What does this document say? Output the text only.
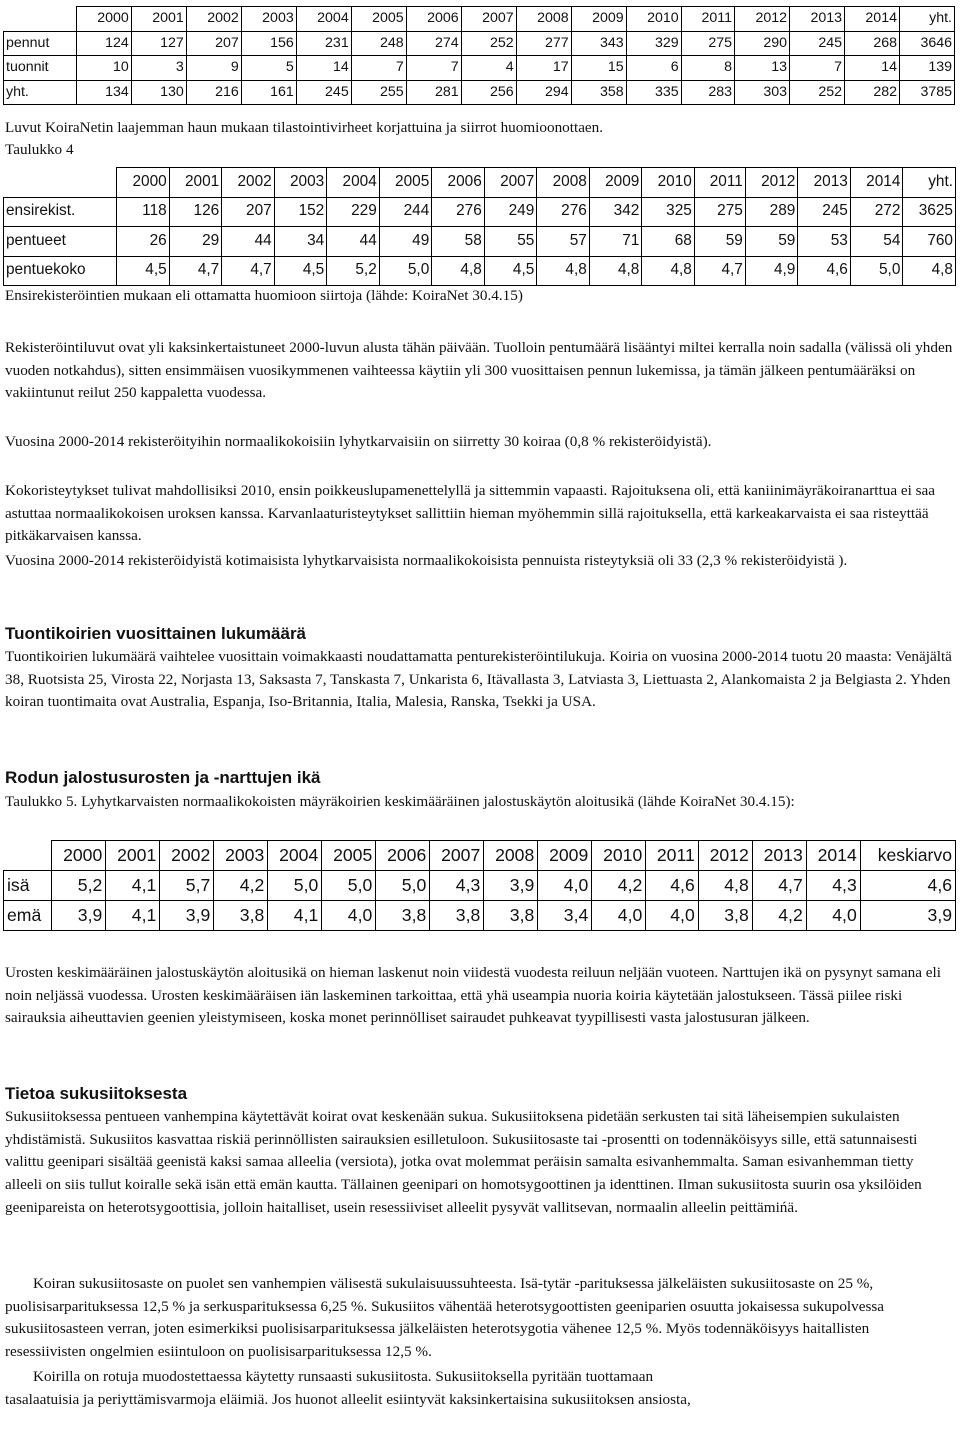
	2000	2001	2002	2003	2004	2005	2006	2007	2008	2009	2010	2011	2012	2013	2014	yht.
pennut	124	127	207	156	231	248	274	252	277	343	329	275	290	245	268	3646
tuonnit	10	3	9	5	14	7	7	4	17	15	6	8	13	7	14	139
yht.	134	130	216	161	245	255	281	256	294	358	335	283	303	252	282	3785

Luvut KoiraNetin laajemman haun mukaan tilastointivirheet korjattuina ja siirrot huomioonottaen.

Taulukko 4

	2000	2001	2002	2003	2004	2005	2006	2007	2008	2009	2010	2011	2012	2013	2014	yht.
ensirekist.	118	126	207	152	229	244	276	249	276	342	325	275	289	245	272	3625
pentueet	26	29	44	34	44	49	58	55	57	71	68	59	59	53	54	760
pentuekoko	4,5	4,7	4,7	4,5	5,2	5,0	4,8	4,5	4,8	4,8	4,8	4,7	4,9	4,6	5,0	4,8

Ensirekisteröintien mukaan eli ottamatta huomioon siirtoja (lähde: KoiraNet 30.4.15)

Rekisteröintiluvut ovat yli kaksinkertaistuneet 2000-luvun alusta tähän päivään. Tuolloin pentumäärä lisääntyi miltei kerralla noin sadalla (välissä oli yhden vuoden notkahdus), sitten ensimmäisen vuosikymmenen vaihteessa käytiin yli 300 vuosittaisen pennun lukemissa, ja tämän jälkeen pentumääräksi on vakiintunut reilut 250 kappaletta vuodessa.

Vuosina 2000-2014 rekisteröityihin normaalikokoisiin lyhytkarvaisiin on siirretty 30 koiraa (0,8 % rekisteröidyistä).

Kokoristeytykset tulivat mahdollisiksi 2010, ensin poikkeuslupamenettelyllä ja sittemmin vapaasti. Rajoituksena oli, että kaniinimäyräkoiranarttua ei saa astuttaa normaalikokoisen uroksen kanssa. Karvanlaaturisteytykset sallittiin hieman myöhemmin sillä rajoituksella, että karkeakarvaista ei saa risteyttää pitkäkarvaisen kanssa.

Vuosina 2000-2014 rekisteröidyistä kotimaisista lyhytkarvaisista normaalikokoisista pennuista risteytyksiä oli 33 (2,3 % rekisteröidyistä ).

Tuontikoirien vuosittainen lukumäärä

Tuontikoirien lukumäärä vaihtelee vuosittain voimakkaasti noudattamatta penturekisteröintilukuja. Koiria on vuosina 2000-2014 tuotu 20 maasta: Venäjältä 38, Ruotsista 25, Virosta 22, Norjasta 13, Saksasta 7, Tanskasta 7, Unkarista 6, Itävallasta 3, Latviasta 3, Liettuasta 2, Alankomaista 2 ja Belgiasta 2. Yhden koiran tuontimaita ovat Australia, Espanja, Iso-Britannia, Italia, Malesia, Ranska, Tsekki ja USA.

Rodun jalostusurosten ja -narttujen ikä

Taulukko 5. Lyhytkarvaisten normaalikokoisten mäyräkoirien keskimääräinen jalostuskäytön aloitusikä (lähde KoiraNet 30.4.15):

	2000	2001	2002	2003	2004	2005	2006	2007	2008	2009	2010	2011	2012	2013	2014	keskiarvo
isä	5,2	4,1	5,7	4,2	5,0	5,0	5,0	4,3	3,9	4,0	4,2	4,6	4,8	4,7	4,3	4,6
emä	3,9	4,1	3,9	3,8	4,1	4,0	3,8	3,8	3,8	3,4	4,0	4,0	3,8	4,2	4,0	3,9

Urosten keskimääräinen jalostuskäytön aloitusikä on hieman laskenut noin viidestä vuodesta reiluun neljään vuoteen. Narttujen ikä on pysynyt samana eli noin neljässä vuodessa. Urosten keskimääräisen iän laskeminen tarkoittaa, että yhä useampia nuoria koiria käytetään jalostukseen. Tässä piilee riski sairauksia aiheuttavien geenien yleistymiseen, koska monet perinnölliset sairaudet puhkeavat tyypillisesti vasta jalostusuran jälkeen.

Tietoa sukusiitoksesta

Sukusiitoksessa pentueen vanhempina käytettävät koirat ovat keskenään sukua. Sukusiitoksena pidetään serkusten tai sitä läheisempien sukulaisten yhdistämistä. Sukusiitos kasvattaa riskiä perinnöllisten sairauksien esilletuloon. Sukusiitosaste tai -prosentti on todennäköisyys sille, että satunnaisesti valittu geenipari sisältää geenistä kaksi samaa alleelia (versiota), jotka ovat molemmat peräisin samalta esivanhemmalta. Saman esivanhemman tietty alleeli on siis tullut koiralle sekä isän että emän kautta. Tällainen geenipari on homotsygoottinen ja identtinen. Ilman sukusiitosta suurin osa yksilöiden geenipareista on heterotsygoottisia, jolloin haitalliset, usein resessiiviset alleelit pysyvät vallitsevan, normaalin alleelin peittämińä.

Koiran sukusiitosaste on puolet sen vanhempien välisestä sukulaisuussuhteesta. Isä-tytär -parituksessa jälkeläisten sukusiitosaste on 25 %, puolisisarparituksessa 12,5 % ja serkusparituksessa 6,25 %. Sukusiitos vähentää heterotsygoottisten geeniparien osuutta jokaisessa sukupolvessa sukusiitosasteen verran, joten esimerkiksi puolisisarparituksessa jälkeläisten heterotsygotia vähenee 12,5 %. Myös todennäköisyys haitallisten resessiivisten ongelmien esiintuloon on puolisisarparituksessa 12,5 %.

Koirilla on rotuja muodostettaessa käytetty runsaasti sukusiitosta. Sukusiitoksella pyritään tuottamaan

tasalaatuisia ja periyttämisvarmoja eläimiä. Jos huonot alleelit esiintyvät kaksinkertaisina sukusiitoksen ansiosta,
